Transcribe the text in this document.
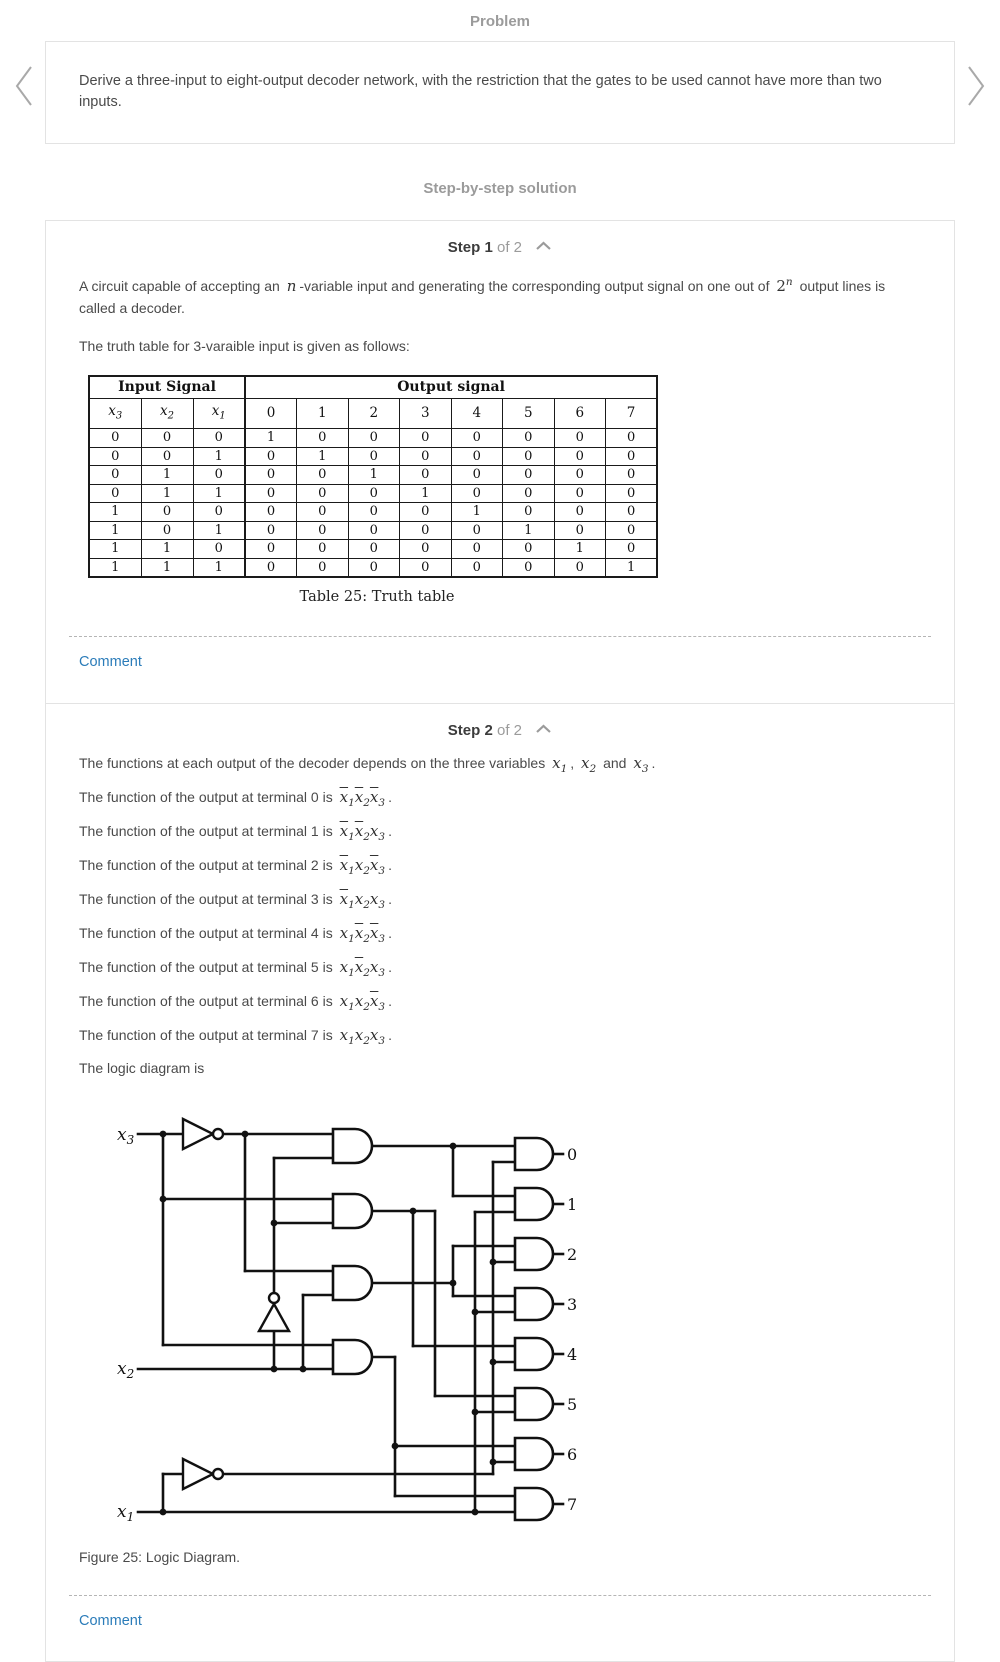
Problem
Derive a three-input to eight-output decoder network, with the restriction that the gates to be used cannot have more than two inputs.
Step-by-step solution
Step 1 of 2

A circuit capable of accepting an n -variable input and generating the corresponding output signal on one out of 2$^n$ output lines is called a decoder.

The truth table for 3-varaible input is given as follows:

Input Signal			Output signal							
$x_3$	$x_2$	$x_1$	0	1	2	3	4	5	6	7
0	0	0	1	0	0	0	0	0	0	0
0	0	1	0	1	0	0	0	0	0	0
0	1	0	0	0	1	0	0	0	0	0
0	1	1	0	0	0	1	0	0	0	0
1	0	0	0	0	0	0	1	0	0	0
1	0	1	0	0	0	0	0	1	0	0
1	1	0	0	0	0	0	0	0	1	0
1	1	1	0	0	0	0	0	0	0	1
Table 25: Truth table
Comment
Step 2 of 2

The functions at each output of the decoder depends on the three variables $x_1$ , $x_2$ and $x_3$ .

The function of the output at terminal 0 is $\overline{x}_1\overline{x}_2\overline{x}_3$ .

The function of the output at terminal 1 is $\overline{x}_1\overline{x}_2x_3$ .

The function of the output at terminal 2 is $\overline{x}_1x_2\overline{x}_3$ .

The function of the output at terminal 3 is $\overline{x}_1x_2x_3$ .

The function of the output at terminal 4 is $x_1\overline{x}_2\overline{x}_3$ .

The function of the output at terminal 5 is $x_1\overline{x}_2x_3$ .

The function of the output at terminal 6 is $x_1x_2\overline{x}_3$ .

The function of the output at terminal 7 is $x_1x_2x_3$ .

The logic diagram is

$x_3$
$x_2$
$x_1$
0
1
2
3
4
5
6
7

Figure 25: Logic Diagram.

Comment
